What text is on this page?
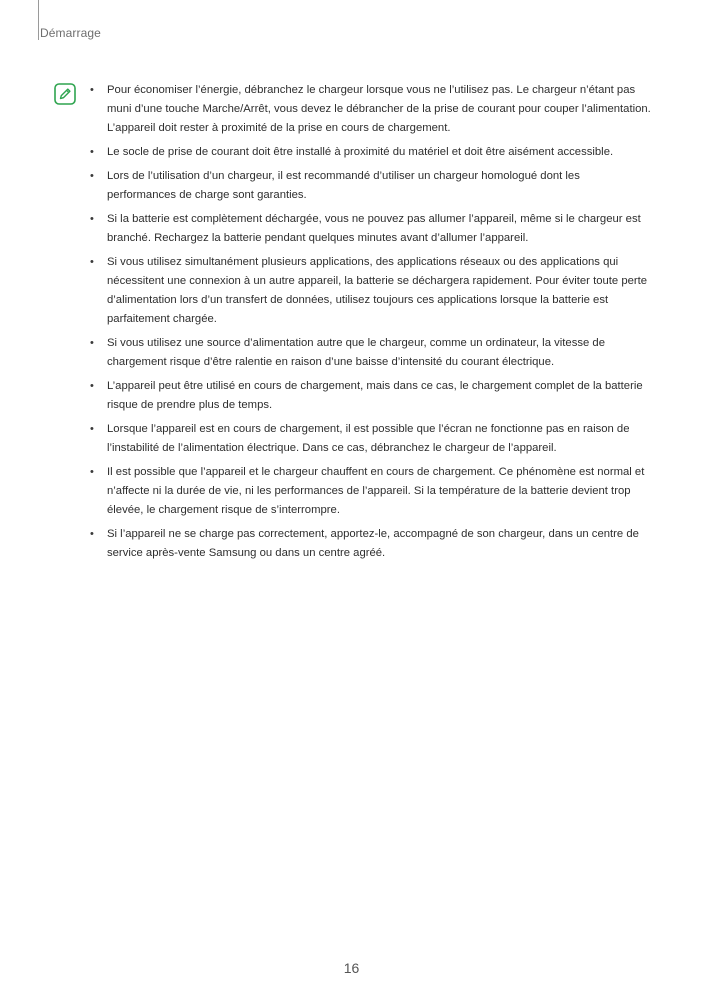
Démarrage
• Pour économiser l’énergie, débranchez le chargeur lorsque vous ne l’utilisez pas. Le chargeur n’étant pas muni d’une touche Marche/Arrêt, vous devez le débrancher de la prise de courant pour couper l’alimentation. L’appareil doit rester à proximité de la prise en cours de chargement.
• Le socle de prise de courant doit être installé à proximité du matériel et doit être aisément accessible.
• Lors de l’utilisation d’un chargeur, il est recommandé d’utiliser un chargeur homologué dont les performances de charge sont garanties.
• Si la batterie est complètement déchargée, vous ne pouvez pas allumer l’appareil, même si le chargeur est branché. Rechargez la batterie pendant quelques minutes avant d’allumer l’appareil.
• Si vous utilisez simultanément plusieurs applications, des applications réseaux ou des applications qui nécessitent une connexion à un autre appareil, la batterie se déchargera rapidement. Pour éviter toute perte d’alimentation lors d’un transfert de données, utilisez toujours ces applications lorsque la batterie est parfaitement chargée.
• Si vous utilisez une source d’alimentation autre que le chargeur, comme un ordinateur, la vitesse de chargement risque d’être ralentie en raison d’une baisse d’intensité du courant électrique.
• L’appareil peut être utilisé en cours de chargement, mais dans ce cas, le chargement complet de la batterie risque de prendre plus de temps.
• Lorsque l’appareil est en cours de chargement, il est possible que l’écran ne fonctionne pas en raison de l’instabilité de l’alimentation électrique. Dans ce cas, débranchez le chargeur de l’appareil.
• Il est possible que l’appareil et le chargeur chauffent en cours de chargement. Ce phénomène est normal et n’affecte ni la durée de vie, ni les performances de l’appareil. Si la température de la batterie devient trop élevée, le chargement risque de s’interrompre.
• Si l’appareil ne se charge pas correctement, apportez-le, accompagné de son chargeur, dans un centre de service après-vente Samsung ou dans un centre agréé.
16
